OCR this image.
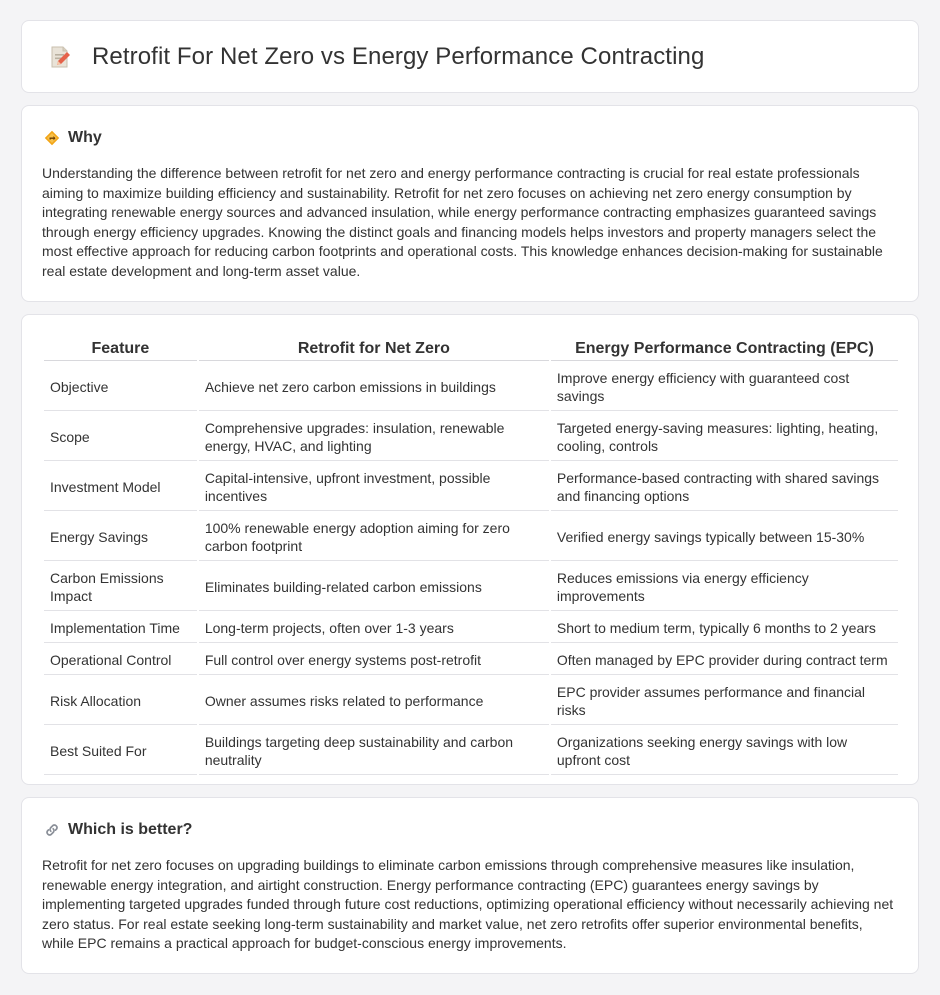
Retrofit For Net Zero vs Energy Performance Contracting
Why
Understanding the difference between retrofit for net zero and energy performance contracting is crucial for real estate professionals aiming to maximize building efficiency and sustainability. Retrofit for net zero focuses on achieving net zero energy consumption by integrating renewable energy sources and advanced insulation, while energy performance contracting emphasizes guaranteed savings through energy efficiency upgrades. Knowing the distinct goals and financing models helps investors and property managers select the most effective approach for reducing carbon footprints and operational costs. This knowledge enhances decision-making for sustainable real estate development and long-term asset value.
Feature	Retrofit for Net Zero	Energy Performance Contracting (EPC)
Objective	Achieve net zero carbon emissions in buildings	Improve energy efficiency with guaranteed cost savings
Scope	Comprehensive upgrades: insulation, renewable energy, HVAC, and lighting	Targeted energy-saving measures: lighting, heating, cooling, controls
Investment Model	Capital-intensive, upfront investment, possible incentives	Performance-based contracting with shared savings and financing options
Energy Savings	100% renewable energy adoption aiming for zero carbon footprint	Verified energy savings typically between 15-30%
Carbon Emissions Impact	Eliminates building-related carbon emissions	Reduces emissions via energy efficiency improvements
Implementation Time	Long-term projects, often over 1-3 years	Short to medium term, typically 6 months to 2 years
Operational Control	Full control over energy systems post-retrofit	Often managed by EPC provider during contract term
Risk Allocation	Owner assumes risks related to performance	EPC provider assumes performance and financial risks
Best Suited For	Buildings targeting deep sustainability and carbon neutrality	Organizations seeking energy savings with low upfront cost
Which is better?
Retrofit for net zero focuses on upgrading buildings to eliminate carbon emissions through comprehensive measures like insulation, renewable energy integration, and airtight construction. Energy performance contracting (EPC) guarantees energy savings by implementing targeted upgrades funded through future cost reductions, optimizing operational efficiency without necessarily achieving net zero status. For real estate seeking long-term sustainability and market value, net zero retrofits offer superior environmental benefits, while EPC remains a practical approach for budget-conscious energy improvements.
